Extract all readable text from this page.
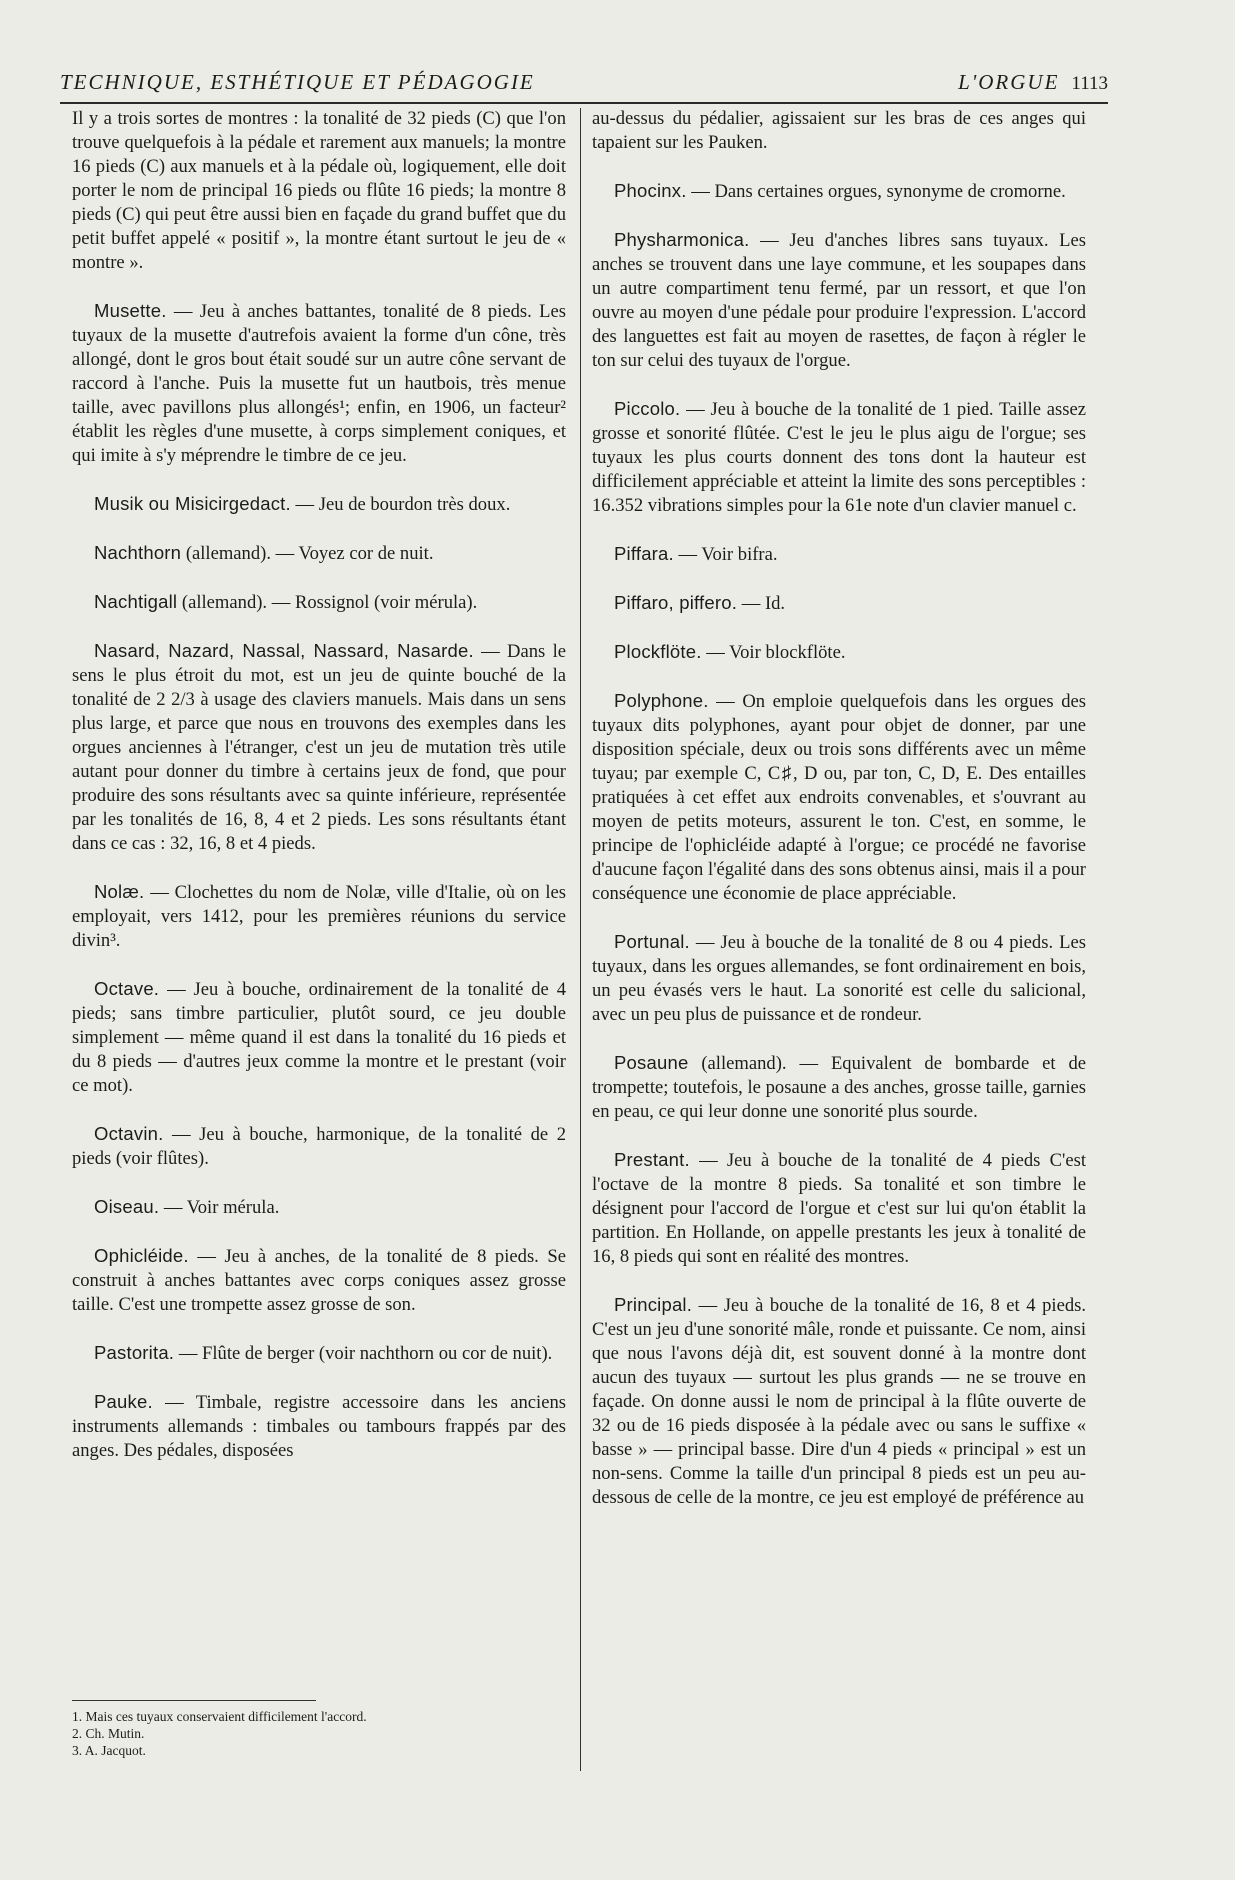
TECHNIQUE, ESTHÉTIQUE ET PÉDAGOGIE	L'ORGUE 1113
Il y a trois sortes de montres : la tonalité de 32 pieds (C) que l'on trouve quelquefois à la pédale et rarement aux manuels; la montre 16 pieds (C) aux manuels et à la pédale où, logiquement, elle doit porter le nom de principal 16 pieds ou flûte 16 pieds; la montre 8 pieds (C) qui peut être aussi bien en façade du grand buffet que du petit buffet appelé « positif », la montre étant surtout le jeu de « montre ».
Musette. — Jeu à anches battantes, tonalité de 8 pieds. Les tuyaux de la musette d'autrefois avaient la forme d'un cône, très allongé, dont le gros bout était soudé sur un autre cône servant de raccord à l'anche. Puis la musette fut un hautbois, très menue taille, avec pavillons plus allongés¹; enfin, en 1906, un facteur² établit les règles d'une musette, à corps simplement coniques, et qui imite à s'y méprendre le timbre de ce jeu.
Musik ou Misicirgedact. — Jeu de bourdon très doux.
Nachthorn (allemand). — Voyez cor de nuit.
Nachtigall (allemand). — Rossignol (voir mérula).
Nasard, Nazard, Nassal, Nassard, Nasarde. — Dans le sens le plus étroit du mot, est un jeu de quinte bouché de la tonalité de 2 2/3 à usage des claviers manuels. Mais dans un sens plus large, et parce que nous en trouvons des exemples dans les orgues anciennes à l'étranger, c'est un jeu de mutation très utile autant pour donner du timbre à certains jeux de fond, que pour produire des sons résultants avec sa quinte inférieure, représentée par les tonalités de 16, 8, 4 et 2 pieds. Les sons résultants étant dans ce cas : 32, 16, 8 et 4 pieds.
Nolæ. — Clochettes du nom de Nolæ, ville d'Italie, où on les employait, vers 1412, pour les premières réunions du service divin³.
Octave. — Jeu à bouche, ordinairement de la tonalité de 4 pieds; sans timbre particulier, plutôt sourd, ce jeu double simplement — même quand il est dans la tonalité du 16 pieds et du 8 pieds — d'autres jeux comme la montre et le prestant (voir ce mot).
Octavin. — Jeu à bouche, harmonique, de la tonalité de 2 pieds (voir flûtes).
Oiseau. — Voir mérula.
Ophicléide. — Jeu à anches, de la tonalité de 8 pieds. Se construit à anches battantes avec corps coniques assez grosse taille. C'est une trompette assez grosse de son.
Pastorita. — Flûte de berger (voir nachthorn ou cor de nuit).
Pauke. — Timbale, registre accessoire dans les anciens instruments allemands : timbales ou tambours frappés par des anges. Des pédales, disposées
au-dessus du pédalier, agissaient sur les bras de ces anges qui tapaient sur les Pauken.
Phocinx. — Dans certaines orgues, synonyme de cromorne.
Physharmonica. — Jeu d'anches libres sans tuyaux. Les anches se trouvent dans une laye commune, et les soupapes dans un autre compartiment tenu fermé, par un ressort, et que l'on ouvre au moyen d'une pédale pour produire l'expression. L'accord des languettes est fait au moyen de rasettes, de façon à régler le ton sur celui des tuyaux de l'orgue.
Piccolo. — Jeu à bouche de la tonalité de 1 pied. Taille assez grosse et sonorité flûtée. C'est le jeu le plus aigu de l'orgue; ses tuyaux les plus courts donnent des tons dont la hauteur est difficilement appréciable et atteint la limite des sons perceptibles : 16.352 vibrations simples pour la 61e note d'un clavier manuel c.
Piffara. — Voir bifra.
Piffaro, piffero. — Id.
Plockflöte. — Voir blockflöte.
Polyphone. — On emploie quelquefois dans les orgues des tuyaux dits polyphones, ayant pour objet de donner, par une disposition spéciale, deux ou trois sons différents avec un même tuyau; par exemple C, C♯, D ou, par ton, C, D, E. Des entailles pratiquées à cet effet aux endroits convenables, et s'ouvrant au moyen de petits moteurs, assurent le ton. C'est, en somme, le principe de l'ophicléide adapté à l'orgue; ce procédé ne favorise d'aucune façon l'égalité dans des sons obtenus ainsi, mais il a pour conséquence une économie de place appréciable.
Portunal. — Jeu à bouche de la tonalité de 8 ou 4 pieds. Les tuyaux, dans les orgues allemandes, se font ordinairement en bois, un peu évasés vers le haut. La sonorité est celle du salicional, avec un peu plus de puissance et de rondeur.
Posaune (allemand). — Equivalent de bombarde et de trompette; toutefois, le posaune a des anches, grosse taille, garnies en peau, ce qui leur donne une sonorité plus sourde.
Prestant. — Jeu à bouche de la tonalité de 4 pieds C'est l'octave de la montre 8 pieds. Sa tonalité et son timbre le désignent pour l'accord de l'orgue et c'est sur lui qu'on établit la partition. En Hollande, on appelle prestants les jeux à tonalité de 16, 8 pieds qui sont en réalité des montres.
Principal. — Jeu à bouche de la tonalité de 16, 8 et 4 pieds. C'est un jeu d'une sonorité mâle, ronde et puissante. Ce nom, ainsi que nous l'avons déjà dit, est souvent donné à la montre dont aucun des tuyaux — surtout les plus grands — ne se trouve en façade. On donne aussi le nom de principal à la flûte ouverte de 32 ou de 16 pieds disposée à la pédale avec ou sans le suffixe « basse » — principal basse. Dire d'un 4 pieds « principal » est un non-sens. Comme la taille d'un principal 8 pieds est un peu au-dessous de celle de la montre, ce jeu est employé de préférence au
1. Mais ces tuyaux conservaient difficilement l'accord.
2. Ch. Mutin.
3. A. Jacquot.
